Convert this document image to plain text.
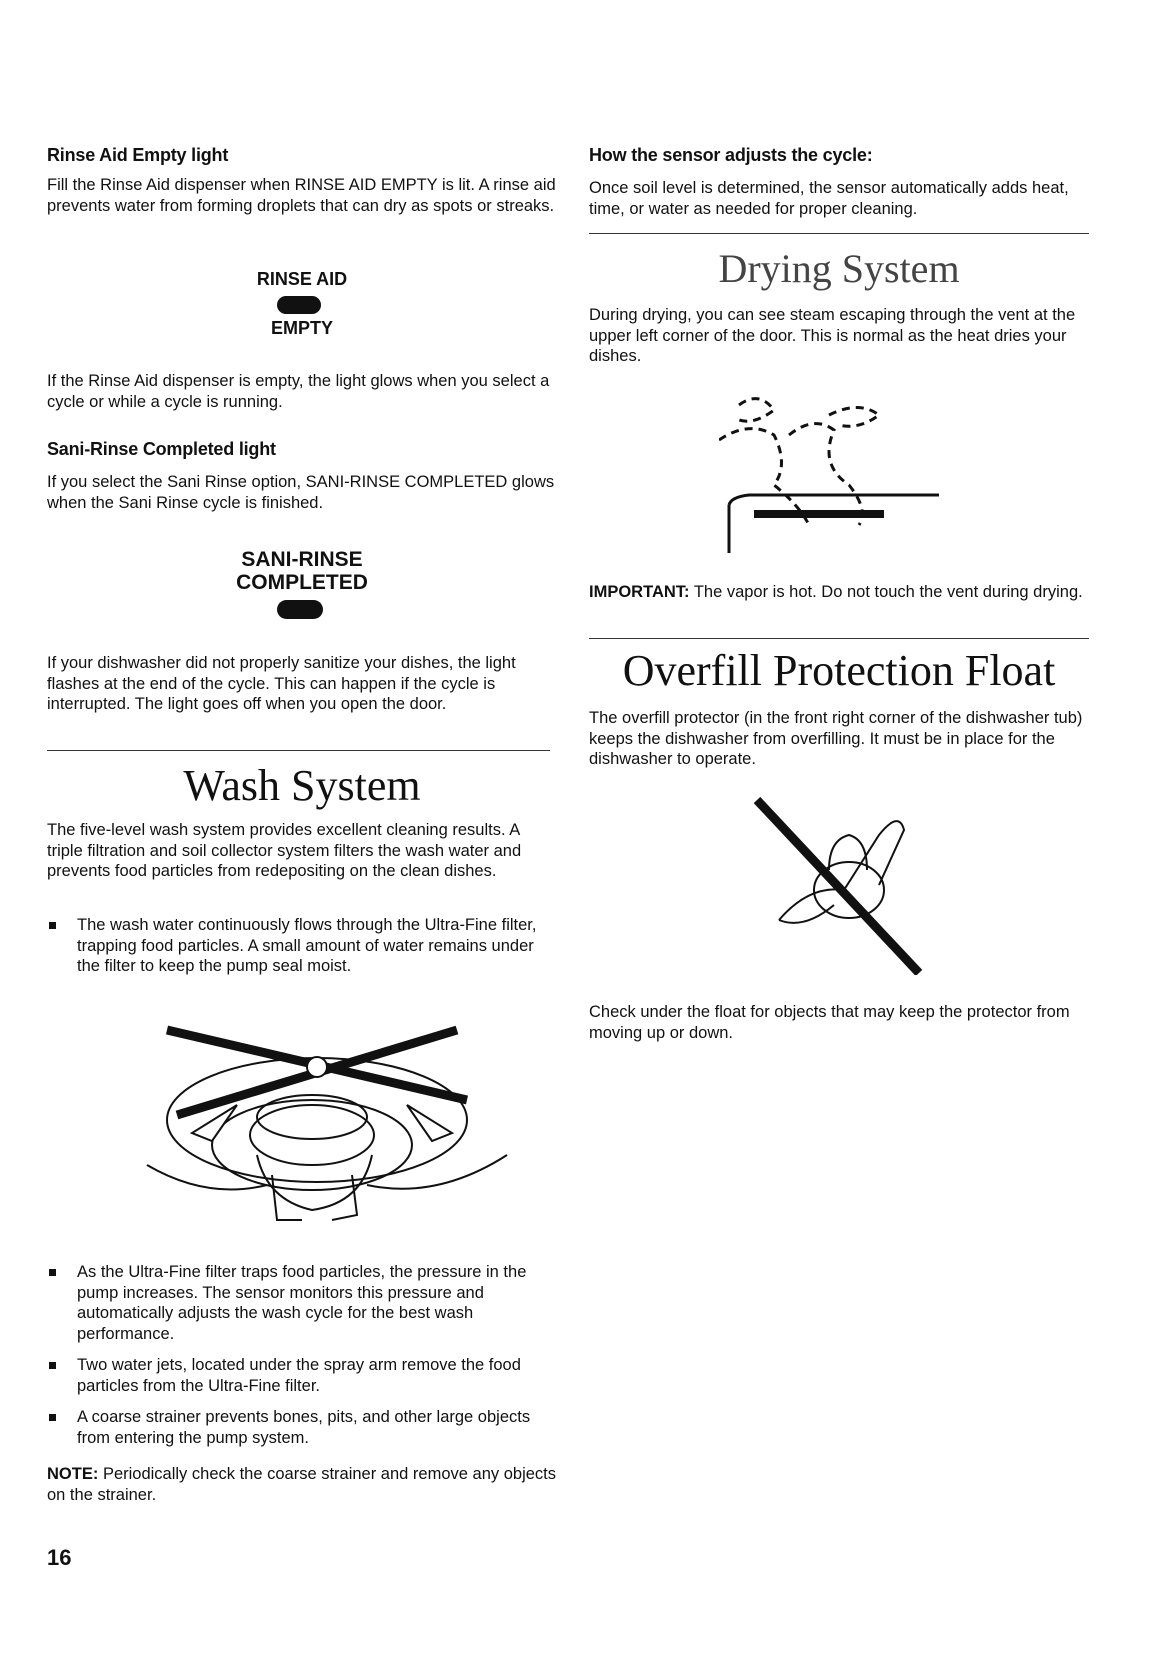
Rinse Aid Empty light

Fill the Rinse Aid dispenser when RINSE AID EMPTY is lit. A rinse aid prevents water from forming droplets that can dry as spots or streaks.

RINSE AID
EMPTY

If the Rinse Aid dispenser is empty, the light glows when you select a cycle or while a cycle is running.

Sani-Rinse Completed light

If you select the Sani Rinse option, SANI-RINSE COMPLETED glows when the Sani Rinse cycle is finished.

SANI-RINSE
COMPLETED

If your dishwasher did not properly sanitize your dishes, the light flashes at the end of the cycle. This can happen if the cycle is interrupted. The light goes off when you open the door.

Wash System

The five-level wash system provides excellent cleaning results. A triple filtration and soil collector system filters the wash water and prevents food particles from redepositing on the clean dishes.

The wash water continuously flows through the Ultra-Fine filter, trapping food particles. A small amount of water remains under the filter to keep the pump seal moist.
As the Ultra-Fine filter traps food particles, the pressure in the pump increases. The sensor monitors this pressure and automatically adjusts the wash cycle for the best wash performance.
Two water jets, located under the spray arm remove the food particles from the Ultra-Fine filter.
A coarse strainer prevents bones, pits, and other large objects from entering the pump system.

NOTE: Periodically check the coarse strainer and remove any objects on the strainer.

16
How the sensor adjusts the cycle:

Once soil level is determined, the sensor automatically adds heat, time, or water as needed for proper cleaning.

Drying System

During drying, you can see steam escaping through the vent at the upper left corner of the door. This is normal as the heat dries your dishes.

IMPORTANT: The vapor is hot. Do not touch the vent during drying.

Overfill Protection Float

The overfill protector (in the front right corner of the dishwasher tub) keeps the dishwasher from overfilling. It must be in place for the dishwasher to operate.

Check under the float for objects that may keep the protector from moving up or down.
